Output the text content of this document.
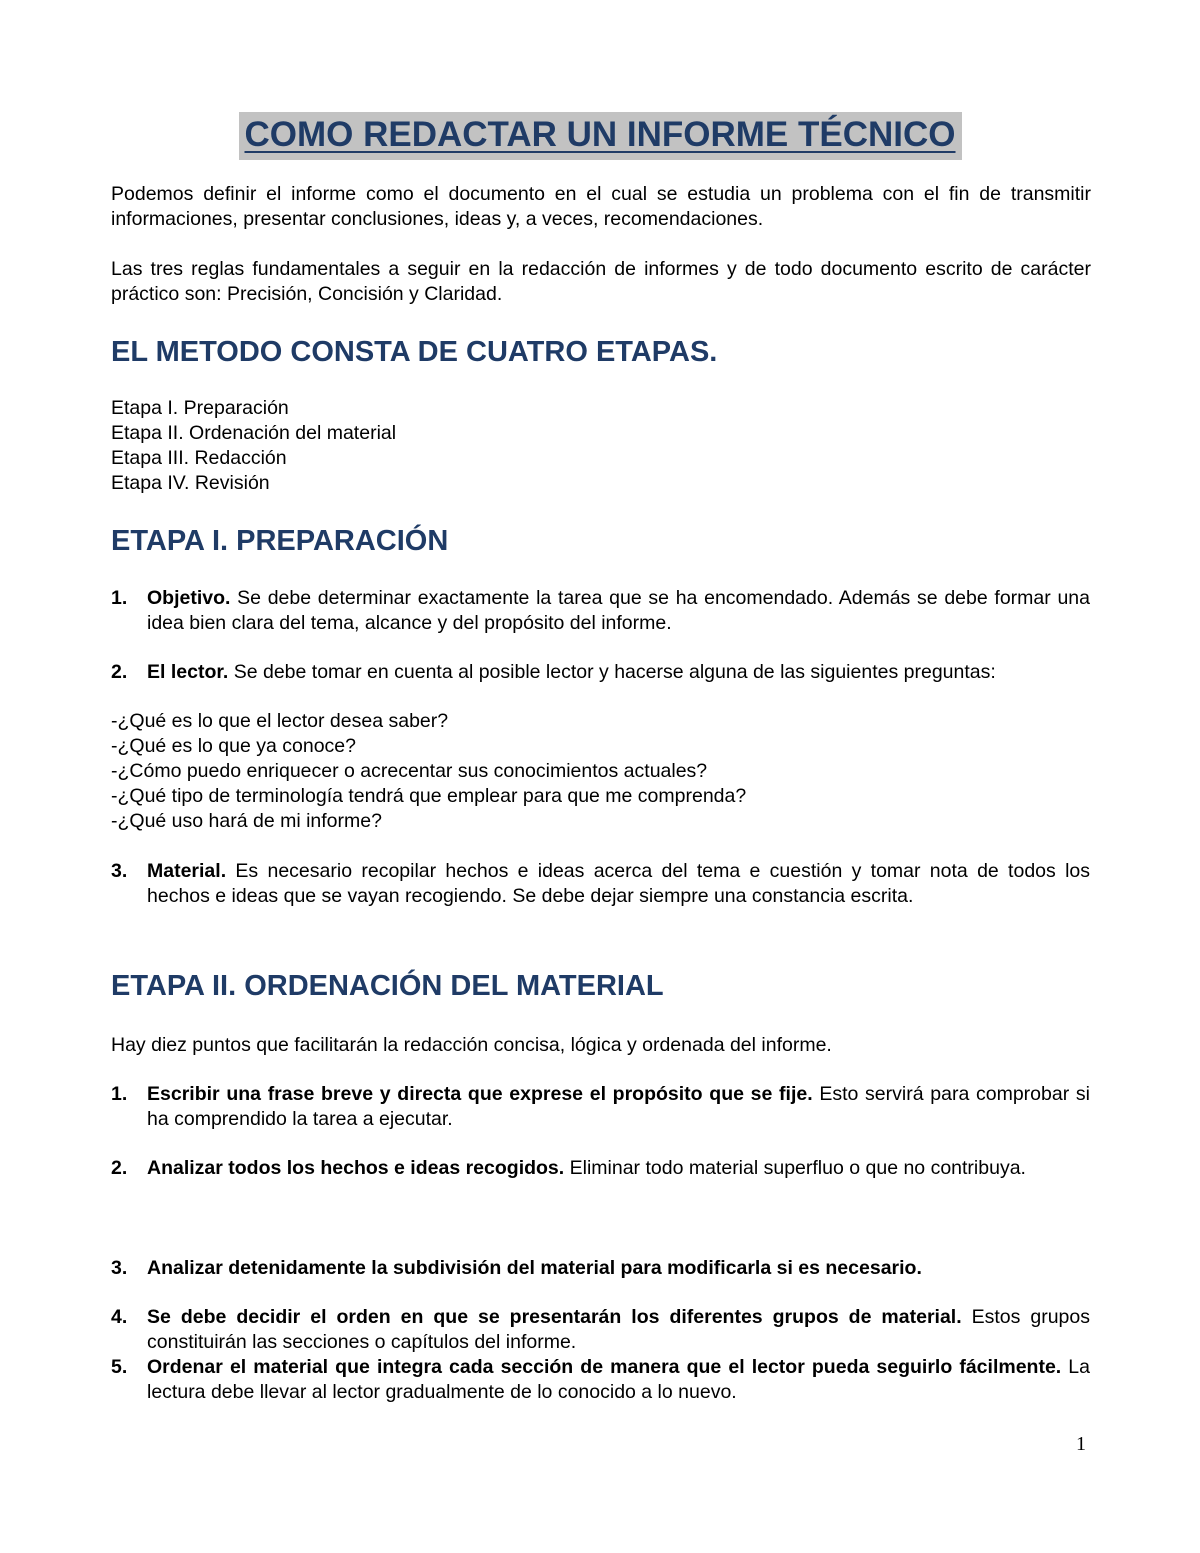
COMO REDACTAR UN INFORME TÉCNICO

Podemos definir el informe como el documento en el cual se estudia un problema con el fin de transmitir informaciones, presentar conclusiones, ideas y, a veces, recomendaciones.

Las tres reglas fundamentales a seguir en la redacción de informes y de todo documento escrito de carácter práctico son: Precisión, Concisión y Claridad.

EL METODO CONSTA DE CUATRO ETAPAS.

Etapa I. Preparación

Etapa II. Ordenación del material

Etapa III. Redacción

Etapa IV. Revisión

ETAPA I. PREPARACIÓN
1. Objetivo. Se debe determinar exactamente la tarea que se ha encomendado. Además se debe formar una idea bien clara del tema, alcance y del propósito del informe.
2. El lector. Se debe tomar en cuenta al posible lector y hacerse alguna de las siguientes preguntas:

-¿Qué es lo que el lector desea saber?

-¿Qué es lo que ya conoce?

-¿Cómo puedo enriquecer o acrecentar sus conocimientos actuales?

-¿Qué tipo de terminología tendrá que emplear para que me comprenda?

-¿Qué uso hará de mi informe?

3. Material. Es necesario recopilar hechos e ideas acerca del tema e cuestión y tomar nota de todos los hechos e ideas que se vayan recogiendo. Se debe dejar siempre una constancia escrita.
ETAPA II. ORDENACIÓN DEL MATERIAL

Hay diez puntos que facilitarán la redacción concisa, lógica y ordenada del informe.

1. Escribir una frase breve y directa que exprese el propósito que se fije. Esto servirá para comprobar si ha comprendido la tarea a ejecutar.
2. Analizar todos los hechos e ideas recogidos. Eliminar todo material superfluo o que no contribuya.
3. Analizar detenidamente la subdivisión del material para modificarla si es necesario.
4. Se debe decidir el orden en que se presentarán los diferentes grupos de material. Estos grupos constituirán las secciones o capítulos del informe.
5. Ordenar el material que integra cada sección de manera que el lector pueda seguirlo fácilmente. La lectura debe llevar al lector gradualmente de lo conocido a lo nuevo.
1
